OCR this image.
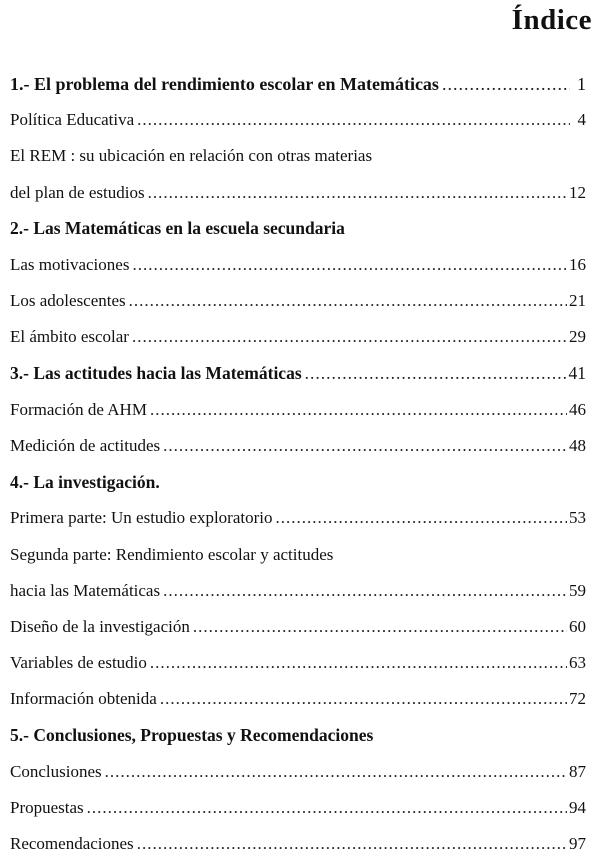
Índice
1.- El problema del rendimiento escolar en Matemáticas .....	1
Política Educativa .....	4
El REM : su ubicación en relación con otras materias
del plan de estudios .....	12
2.- Las Matemáticas en la escuela secundaria
Las motivaciones .....	16
Los adolescentes .....	21
El ámbito escolar .....	29
3.- Las actitudes hacia las Matemáticas .....	41
Formación de AHM .....	46
Medición de actitudes .....	48
4.- La investigación.
Primera parte: Un estudio exploratorio .....	53
Segunda parte: Rendimiento escolar y actitudes
hacia las Matemáticas .....	59
Diseño de la investigación .....	60
Variables de estudio .....	63
Información obtenida .....	72
5.- Conclusiones, Propuestas y Recomendaciones
Conclusiones .....	87
Propuestas .....	94
Recomendaciones .....	97
